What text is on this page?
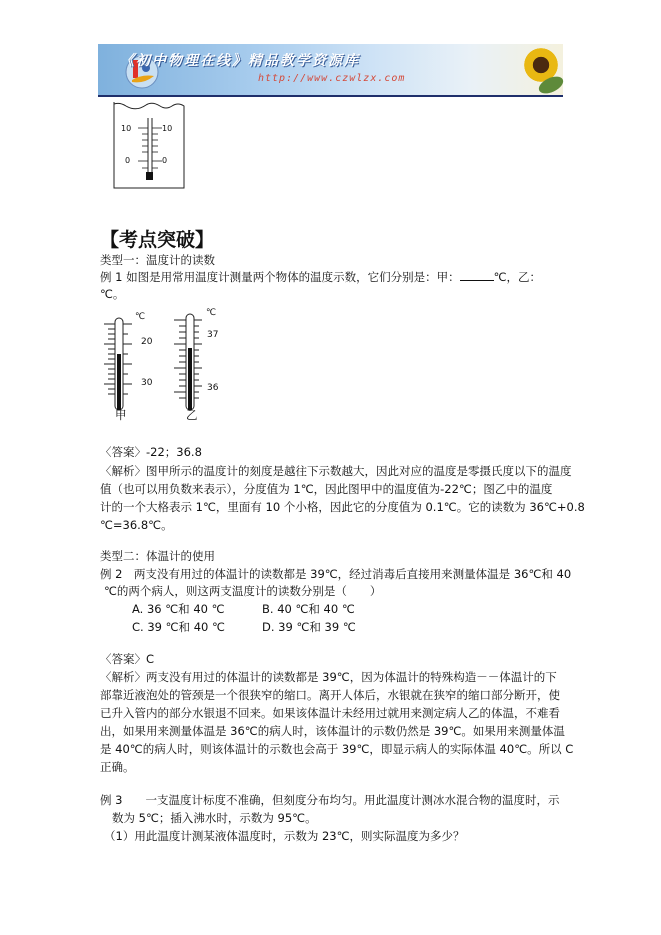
《初中物理在线》精品教学资源库
http://www.czwlzx.com
10	10
0	0
【考点突破】
类型一：温度计的读数
例 1 如图是用常用温度计测量两个物体的温度示数，它们分别是：甲：	℃，乙：
℃。
℃
20
30
甲
℃
37
36
乙
〈答案〉-22；36.8
〈解析〉图甲所示的温度计的刻度是越往下示数越大，因此对应的温度是零摄氏度以下的温度
值（也可以用负数来表示），分度值为 1℃，因此图甲中的温度值为-22℃；图乙中的温度
计的一个大格表示 1℃，里面有 10 个小格，因此它的分度值为 0.1℃。它的读数为 36℃+0.8
℃=36.8℃。
类型二：体温计的使用
例 2　两支没有用过的体温计的读数都是 39℃，经过消毒后直接用来测量体温是 36℃和 40
℃的两个病人，则这两支温度计的读数分别是（　　）
A. 36 ℃和 40 ℃	B. 40 ℃和 40 ℃
C. 39 ℃和 40 ℃	D. 39 ℃和 39 ℃
〈答案〉C
〈解析〉两支没有用过的体温计的读数都是 39℃，因为体温计的特殊构造－－体温计的下
部靠近液泡处的管颈是一个很狭窄的缩口。离开人体后，水银就在狭窄的缩口部分断开，使
已升入管内的部分水银退不回来。如果该体温计未经用过就用来测定病人乙的体温，不难看
出，如果用来测量体温是 36℃的病人时，该体温计的示数仍然是 39℃。如果用来测量体温
是 40℃的病人时，则该体温计的示数也会高于 39℃，即显示病人的实际体温 40℃。所以 C
正确。
例 3　　一支温度计标度不准确，但刻度分布均匀。用此温度计测冰水混合物的温度时，示
数为 5℃；插入沸水时，示数为 95℃。
（1）用此温度计测某液体温度时，示数为 23℃，则实际温度为多少？
